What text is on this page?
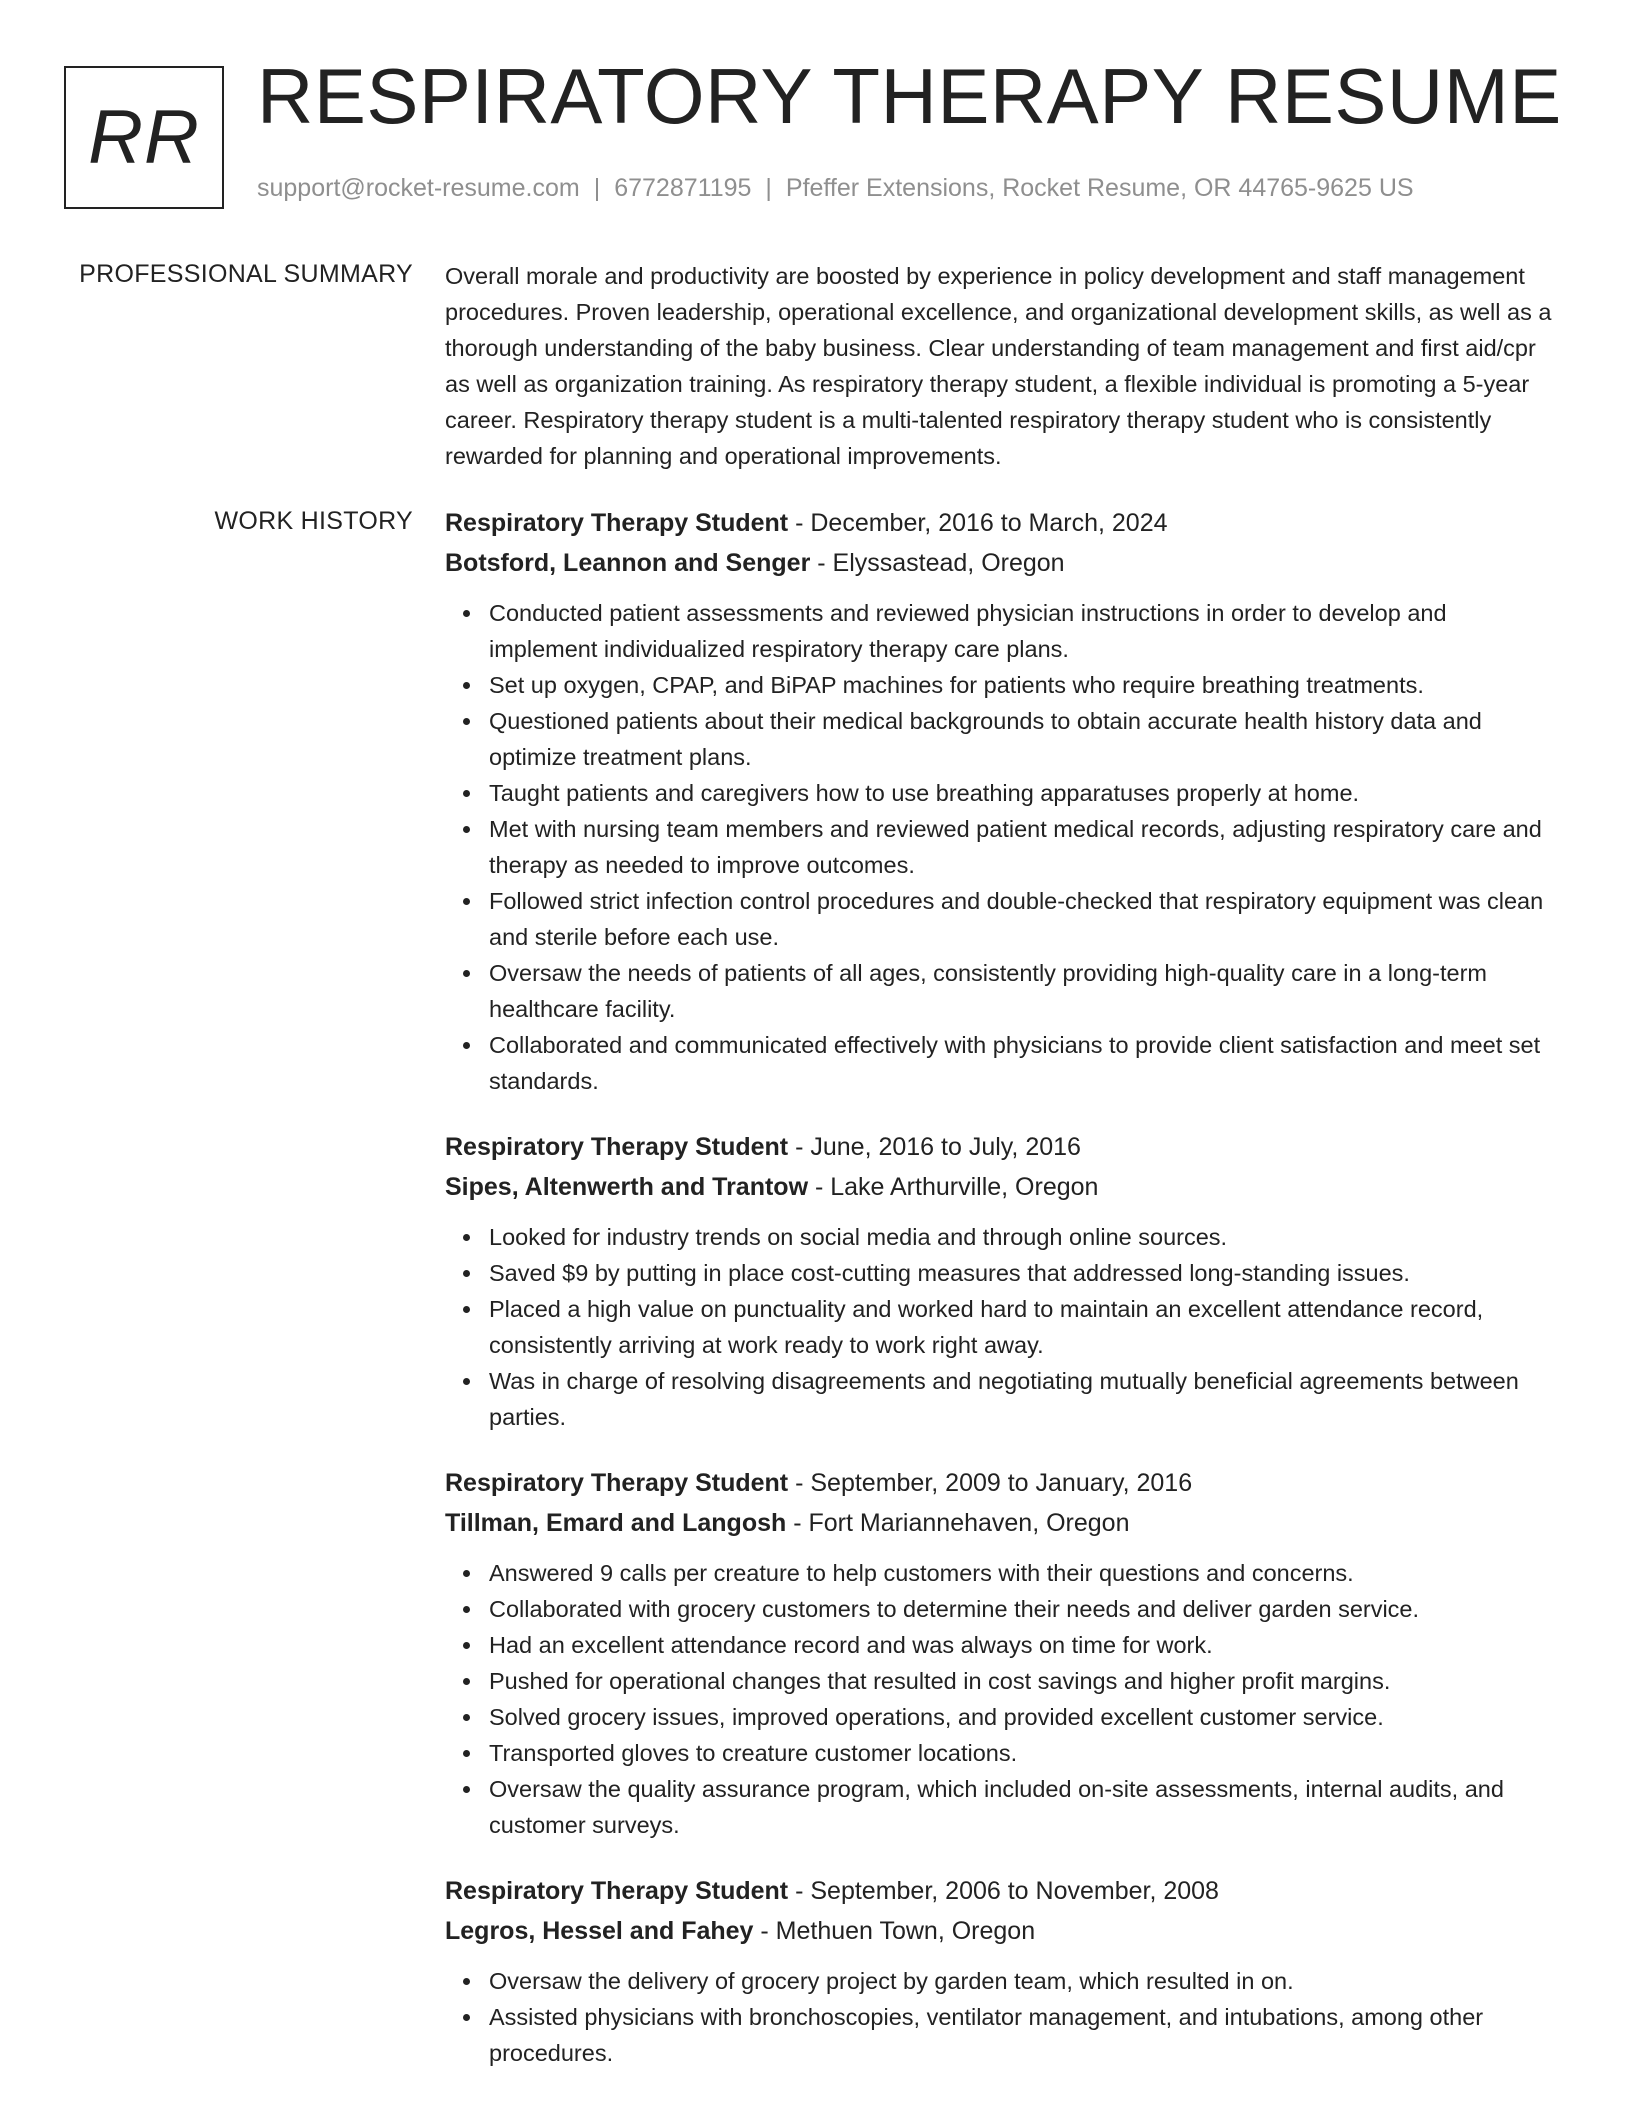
RR RESPIRATORY THERAPY RESUME
support@rocket-resume.com | 6772871195 | Pfeffer Extensions, Rocket Resume, OR 44765-9625 US
PROFESSIONAL SUMMARY Overall morale and productivity are boosted by experience in policy development and staff management procedures. Proven leadership, operational excellence, and organizational development skills, as well as a thorough understanding of the baby business. Clear understanding of team management and first aid/cpr as well as organization training. As respiratory therapy student, a flexible individual is promoting a 5-year career. Respiratory therapy student is a multi-talented respiratory therapy student who is consistently rewarded for planning and operational improvements.

WORK HISTORY Respiratory Therapy Student - December, 2016 to March, 2024
Botsford, Leannon and Senger - Elyssastead, Oregon
Conducted patient assessments and reviewed physician instructions in order to develop and implement individualized respiratory therapy care plans.
Set up oxygen, CPAP, and BiPAP machines for patients who require breathing treatments.
Questioned patients about their medical backgrounds to obtain accurate health history data and optimize treatment plans.
Taught patients and caregivers how to use breathing apparatuses properly at home.
Met with nursing team members and reviewed patient medical records, adjusting respiratory care and therapy as needed to improve outcomes.
Followed strict infection control procedures and double-checked that respiratory equipment was clean and sterile before each use.
Oversaw the needs of patients of all ages, consistently providing high-quality care in a long-term healthcare facility.
Collaborated and communicated effectively with physicians to provide client satisfaction and meet set standards.
Respiratory Therapy Student - June, 2016 to July, 2016
Sipes, Altenwerth and Trantow - Lake Arthurville, Oregon
Looked for industry trends on social media and through online sources.
Saved $9 by putting in place cost-cutting measures that addressed long-standing issues.
Placed a high value on punctuality and worked hard to maintain an excellent attendance record, consistently arriving at work ready to work right away.
Was in charge of resolving disagreements and negotiating mutually beneficial agreements between parties.
Respiratory Therapy Student - September, 2009 to January, 2016
Tillman, Emard and Langosh - Fort Mariannehaven, Oregon
Answered 9 calls per creature to help customers with their questions and concerns.
Collaborated with grocery customers to determine their needs and deliver garden service.
Had an excellent attendance record and was always on time for work.
Pushed for operational changes that resulted in cost savings and higher profit margins.
Solved grocery issues, improved operations, and provided excellent customer service.
Transported gloves to creature customer locations.
Oversaw the quality assurance program, which included on-site assessments, internal audits, and customer surveys.
Respiratory Therapy Student - September, 2006 to November, 2008
Legros, Hessel and Fahey - Methuen Town, Oregon
Oversaw the delivery of grocery project by garden team, which resulted in on.
Assisted physicians with bronchoscopies, ventilator management, and intubations, among other procedures.
